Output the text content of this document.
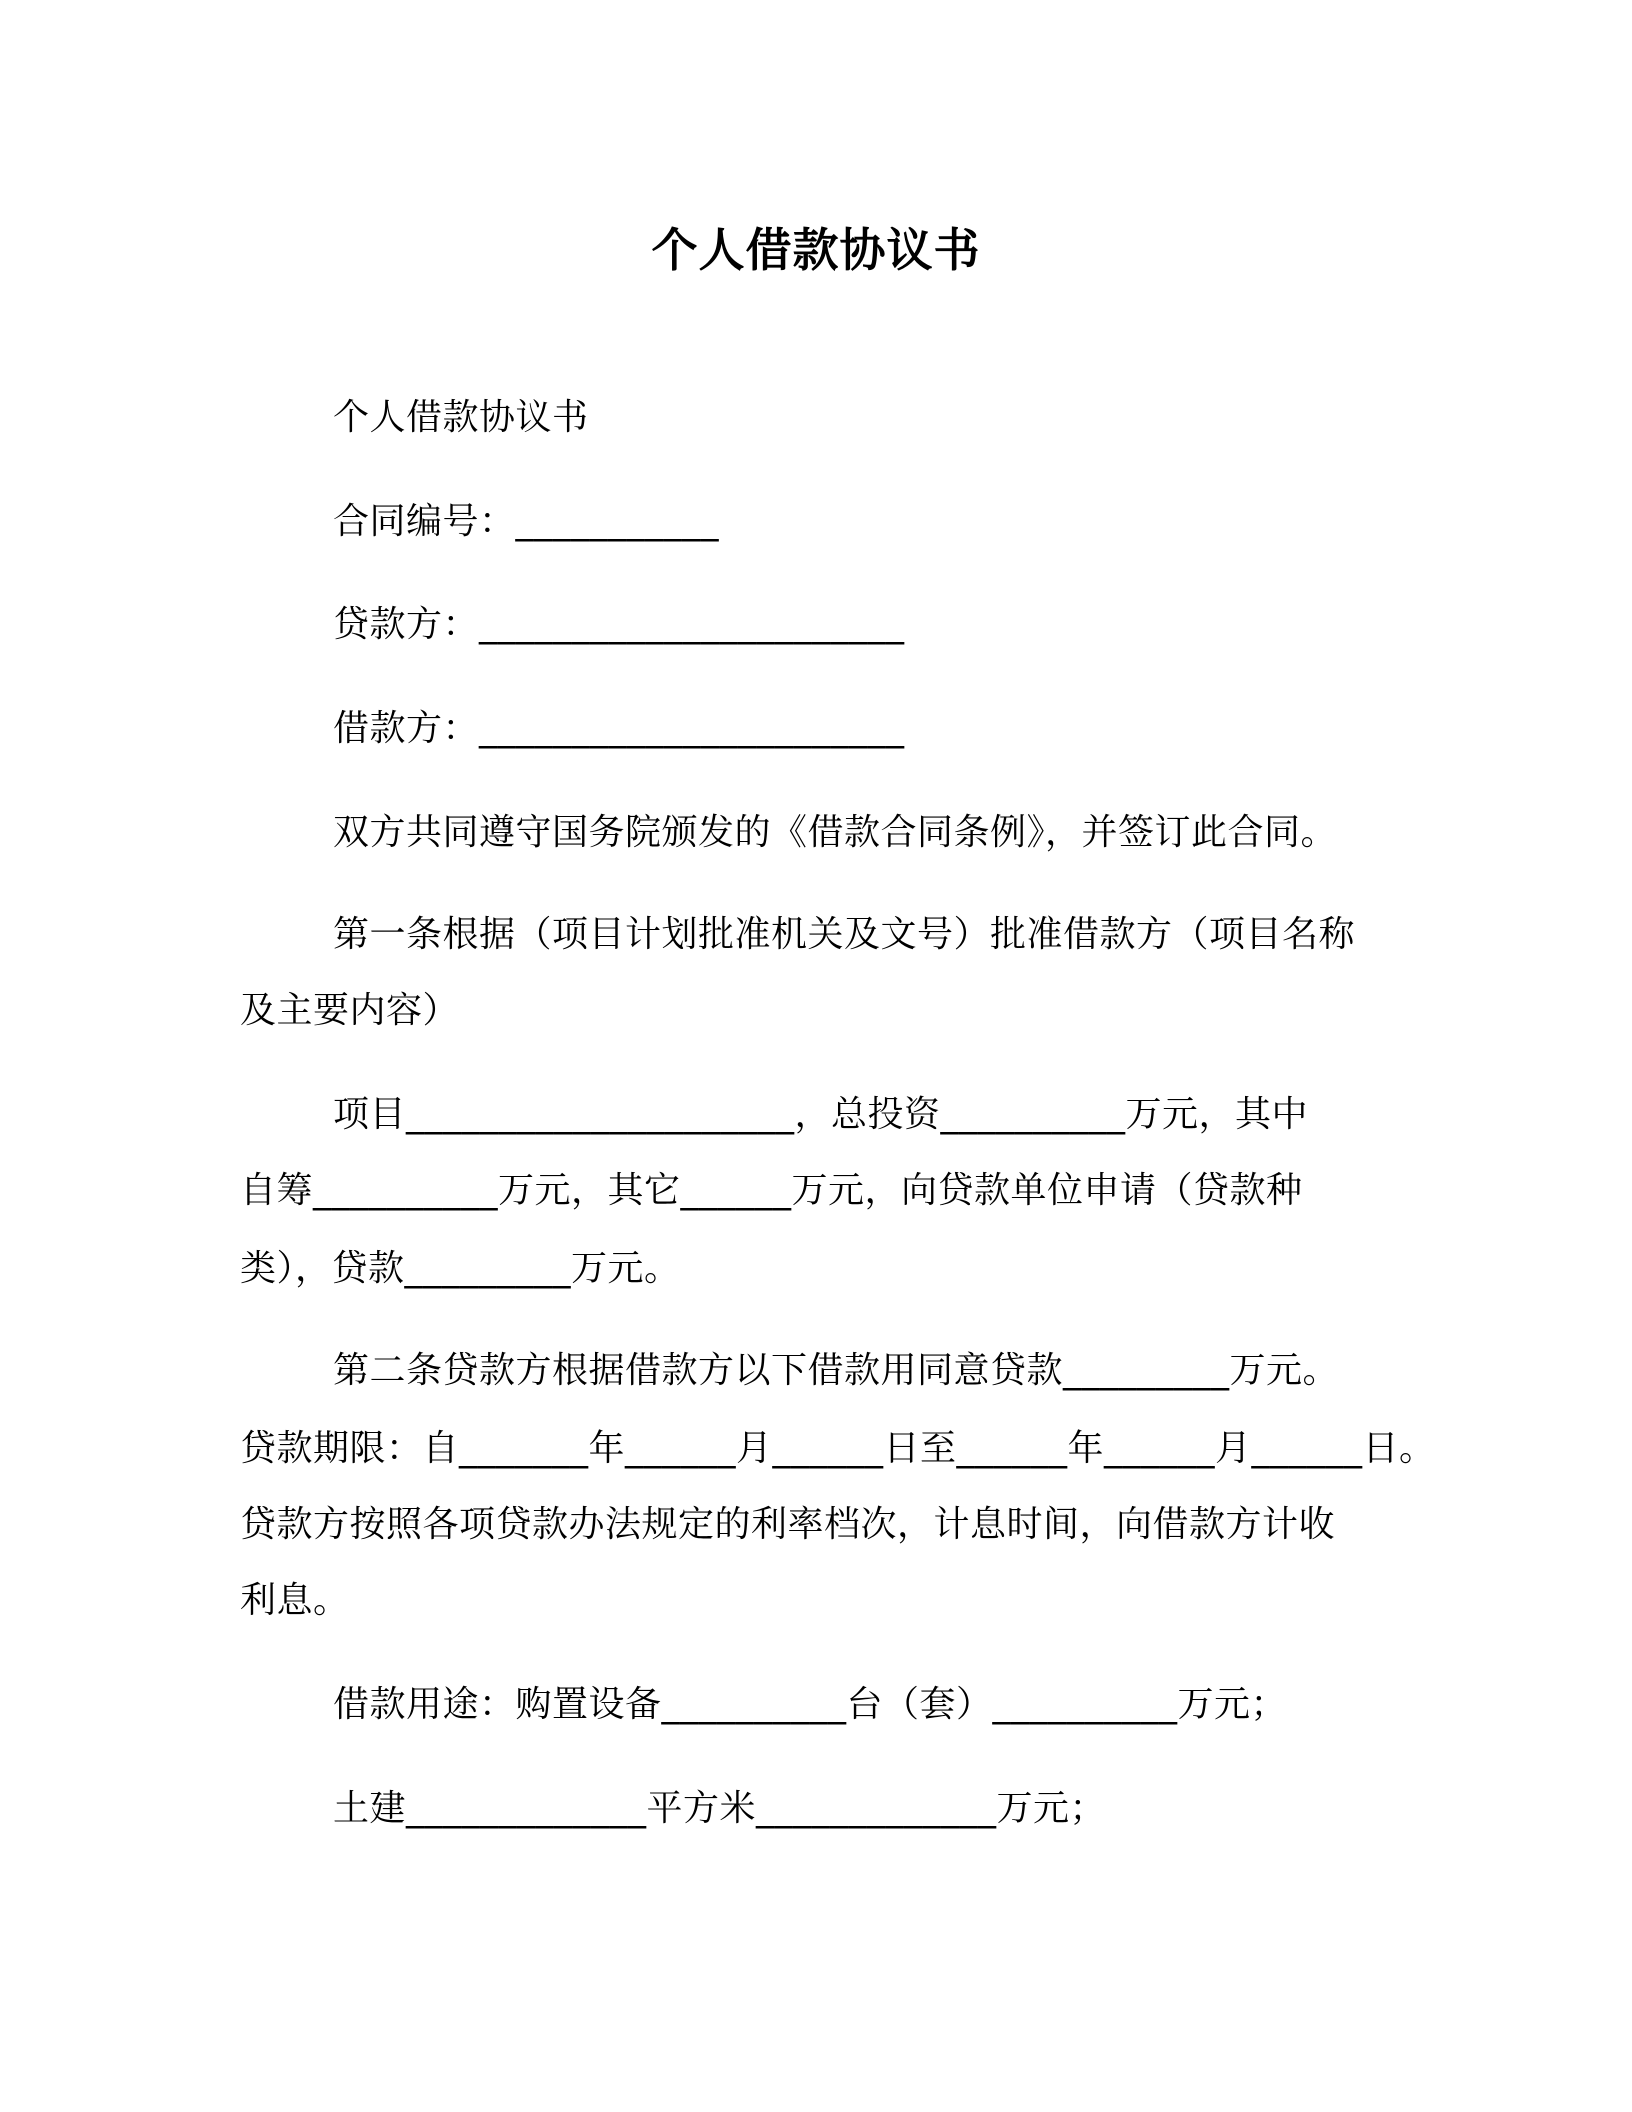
个人借款协议书
个人借款协议书
合同编号：___________
贷款方：_______________________
借款方：_______________________
双方共同遵守国务院颁发的《借款合同条例》，并签订此合同。
第一条根据（项目计划批准机关及文号）批准借款方（项目名称
及主要内容）
项目_____________________，总投资__________万元，其中
自筹__________万元，其它______万元，向贷款单位申请（贷款种
类），贷款_________万元。
第二条贷款方根据借款方以下借款用同意贷款_________万元。
贷款期限：自_______年______月______日至______年______月______日。
贷款方按照各项贷款办法规定的利率档次，计息时间，向借款方计收
利息。
借款用途：购置设备__________台（套）__________万元；
土建_____________平方米_____________万元；
